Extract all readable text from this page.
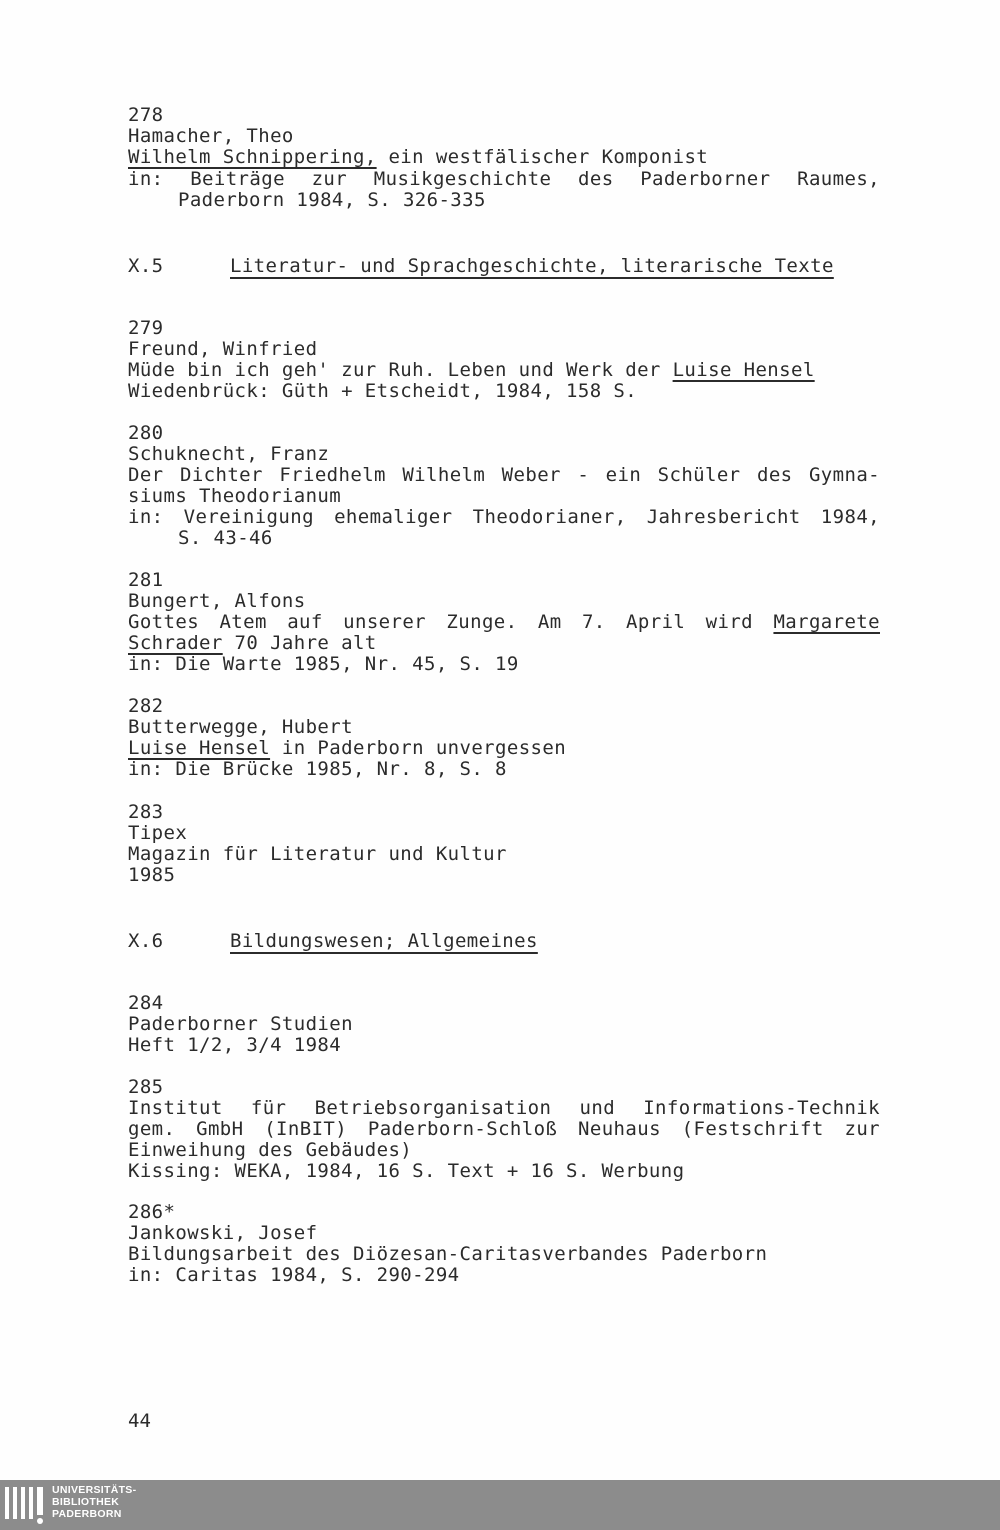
278
Hamacher, Theo
Wilhelm Schnippering, ein westfälischer Komponist
in: Beiträge zur Musikgeschichte des Paderborner Raumes,
Paderborn 1984, S. 326-335
X.5	Literatur- und Sprachgeschichte, literarische Texte
279
Freund, Winfried
Müde bin ich geh' zur Ruh. Leben und Werk der Luise Hensel
Wiedenbrück: Güth + Etscheidt, 1984, 158 S.
280
Schuknecht, Franz
Der Dichter Friedhelm Wilhelm Weber - ein Schüler des Gymna-
siums Theodorianum
in: Vereinigung ehemaliger Theodorianer, Jahresbericht 1984,
S. 43-46
281
Bungert, Alfons
Gottes Atem auf unserer Zunge. Am 7. April wird Margarete
Schrader 70 Jahre alt
in: Die Warte 1985, Nr. 45, S. 19
282
Butterwegge, Hubert
Luise Hensel in Paderborn unvergessen
in: Die Brücke 1985, Nr. 8, S. 8
283
Tipex
Magazin für Literatur und Kultur
1985
X.6	Bildungswesen; Allgemeines
284
Paderborner Studien
Heft 1/2, 3/4 1984
285
Institut für Betriebsorganisation und Informations-Technik
gem. GmbH (InBIT) Paderborn-Schloß Neuhaus (Festschrift zur
Einweihung des Gebäudes)
Kissing: WEKA, 1984, 16 S. Text + 16 S. Werbung
286*
Jankowski, Josef
Bildungsarbeit des Diözesan-Caritasverbandes Paderborn
in: Caritas 1984, S. 290-294
44
UNIVERSITÄTS-
BIBLIOTHEK
PADERBORN
